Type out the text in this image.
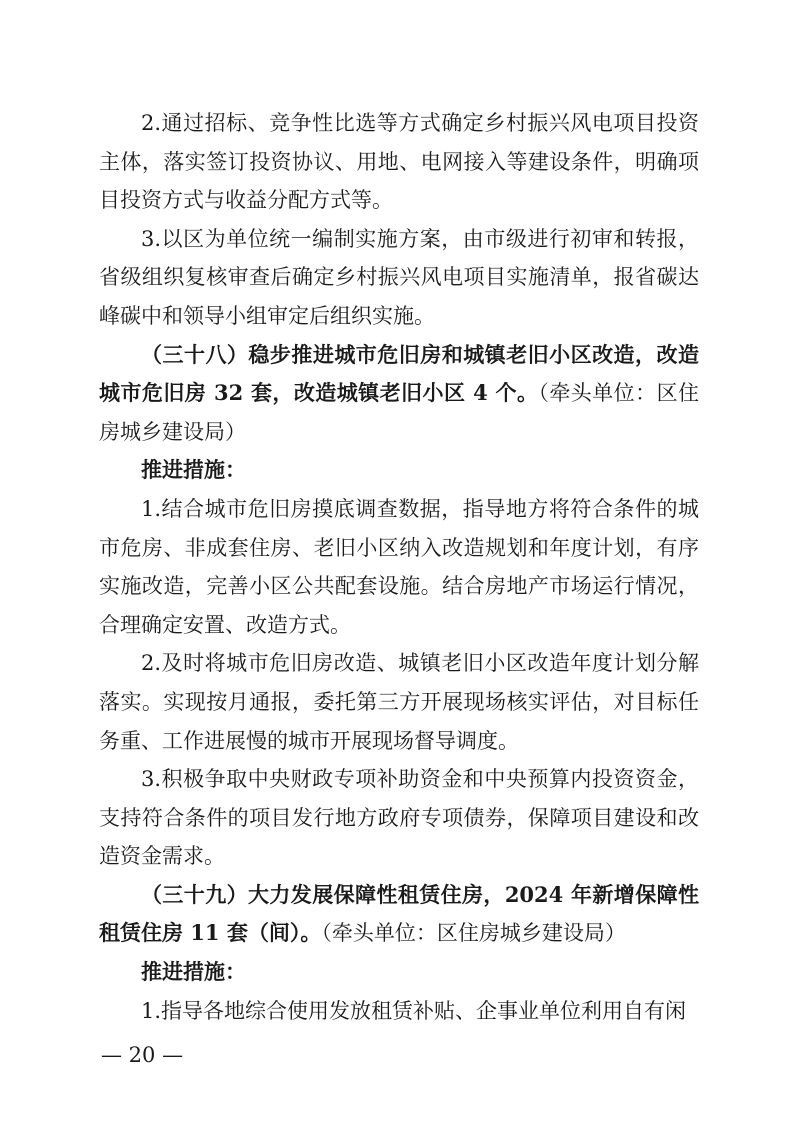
2.通过招标、竞争性比选等方式确定乡村振兴风电项目投资主体，落实签订投资协议、用地、电网接入等建设条件，明确项目投资方式与收益分配方式等。

3.以区为单位统一编制实施方案，由市级进行初审和转报，省级组织复核审查后确定乡村振兴风电项目实施清单，报省碳达峰碳中和领导小组审定后组织实施。

（三十八）稳步推进城市危旧房和城镇老旧小区改造，改造城市危旧房 32 套，改造城镇老旧小区 4 个。（牵头单位：区住房城乡建设局）

推进措施：

1.结合城市危旧房摸底调查数据，指导地方将符合条件的城市危房、非成套住房、老旧小区纳入改造规划和年度计划，有序实施改造，完善小区公共配套设施。结合房地产市场运行情况，合理确定安置、改造方式。

2.及时将城市危旧房改造、城镇老旧小区改造年度计划分解落实。实现按月通报，委托第三方开展现场核实评估，对目标任务重、工作进展慢的城市开展现场督导调度。

3.积极争取中央财政专项补助资金和中央预算内投资资金，支持符合条件的项目发行地方政府专项债券，保障项目建设和改造资金需求。

（三十九）大力发展保障性租赁住房，2024 年新增保障性租赁住房 11 套（间）。（牵头单位：区住房城乡建设局）

推进措施：

1.指导各地综合使用发放租赁补贴、企事业单位利用自有闲

— 20 —
